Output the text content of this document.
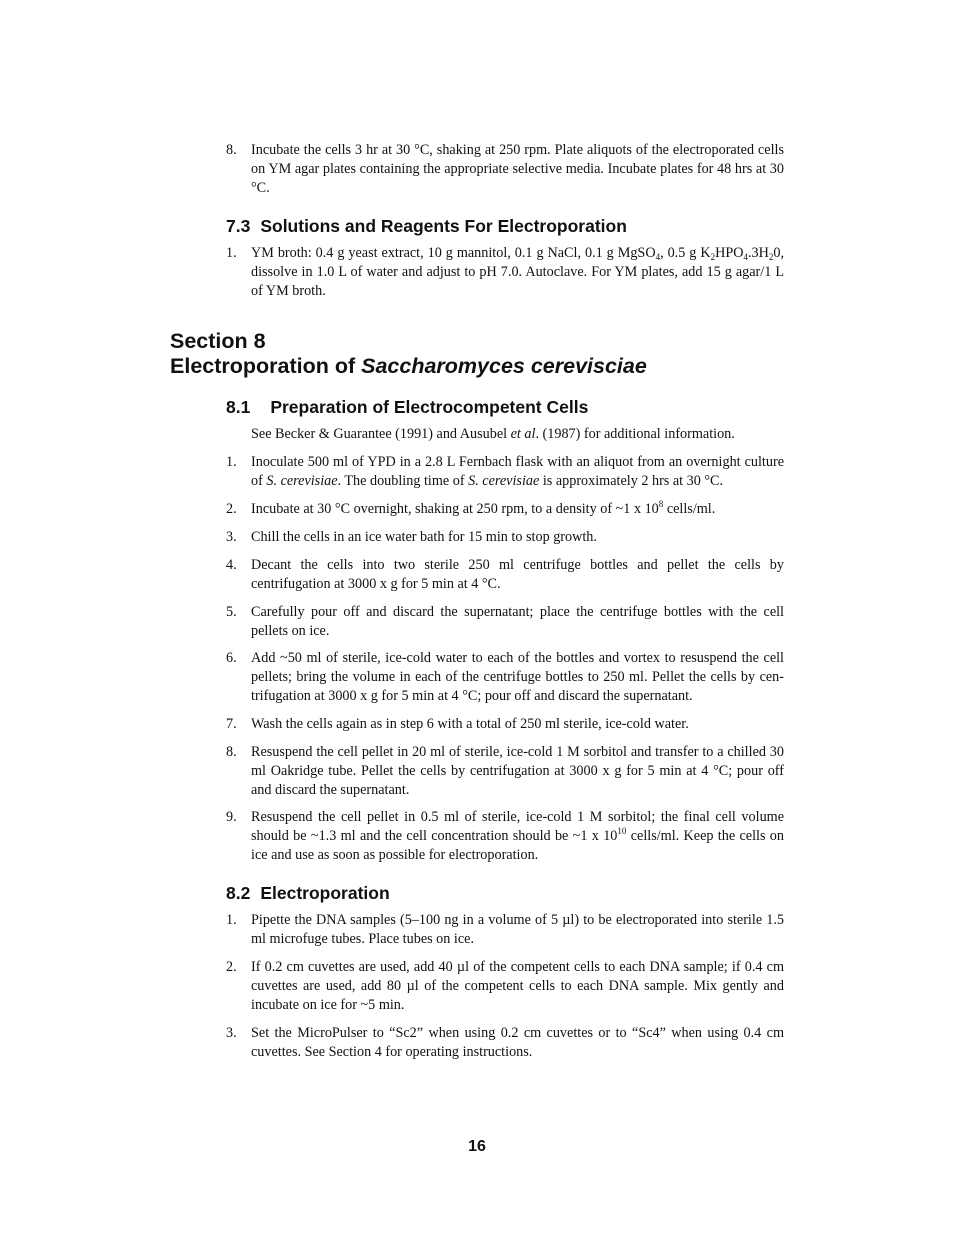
8.	Incubate the cells 3 hr at 30 °C, shaking at 250 rpm. Plate aliquots of the electroporated cells on YM agar plates containing the appropriate selective media. Incubate plates for 48 hrs at 30 °C.
7.3 Solutions and Reagents For Electroporation
1.	YM broth: 0.4 g yeast extract, 10 g mannitol, 0.1 g NaCl, 0.1 g MgSO$_4$, 0.5 g $K_2HPO_4.3H_20$, dissolve in 1.0 L of water and adjust to pH 7.0. Autoclave. For YM plates, add 15 g agar/1 L of YM broth.
Section 8
Electroporation of Saccharomyces cerevisciae
8.1 Preparation of Electrocompetent Cells
See Becker & Guarantee (1991) and Ausubel et al. (1987) for additional information.
1.	Inoculate 500 ml of YPD in a 2.8 L Fernbach flask with an aliquot from an overnight culture of S. cerevisiae. The doubling time of S. cerevisiae is approximately 2 hrs at 30 °C.
2.	Incubate at 30 °C overnight, shaking at 250 rpm, to a density of ~1 x $10^8$ cells/ml.
3.	Chill the cells in an ice water bath for 15 min to stop growth.
4.	Decant the cells into two sterile 250 ml centrifuge bottles and pellet the cells by centrifugation at 3000 x g for 5 min at 4 °C.
5.	Carefully pour off and discard the supernatant; place the centrifuge bottles with the cell pellets on ice.
6.	Add ~50 ml of sterile, ice-cold water to each of the bottles and vortex to resuspend the cell pellets; bring the volume in each of the centrifuge bottles to 250 ml. Pellet the cells by centrifugation at 3000 x g for 5 min at 4 °C; pour off and discard the supernatant.
7.	Wash the cells again as in step 6 with a total of 250 ml sterile, ice-cold water.
8.	Resuspend the cell pellet in 20 ml of sterile, ice-cold 1 M sorbitol and transfer to a chilled 30 ml Oakridge tube. Pellet the cells by centrifugation at 3000 x g for 5 min at 4 °C; pour off and discard the supernatant.
9.	Resuspend the cell pellet in 0.5 ml of sterile, ice-cold 1 M sorbitol; the final cell volume should be ~1.3 ml and the cell concentration should be ~1 x $10^{10}$ cells/ml. Keep the cells on ice and use as soon as possible for electroporation.
8.2 Electroporation
1.	Pipette the DNA samples (5–100 ng in a volume of 5 µl) to be electroporated into sterile 1.5 ml microfuge tubes. Place tubes on ice.
2.	If 0.2 cm cuvettes are used, add 40 µl of the competent cells to each DNA sample; if 0.4 cm cuvettes are used, add 80 µl of the competent cells to each DNA sample. Mix gently and incubate on ice for ~5 min.
3.	Set the MicroPulser to “Sc2” when using 0.2 cm cuvettes or to “Sc4” when using 0.4 cm cuvettes. See Section 4 for operating instructions.
16
